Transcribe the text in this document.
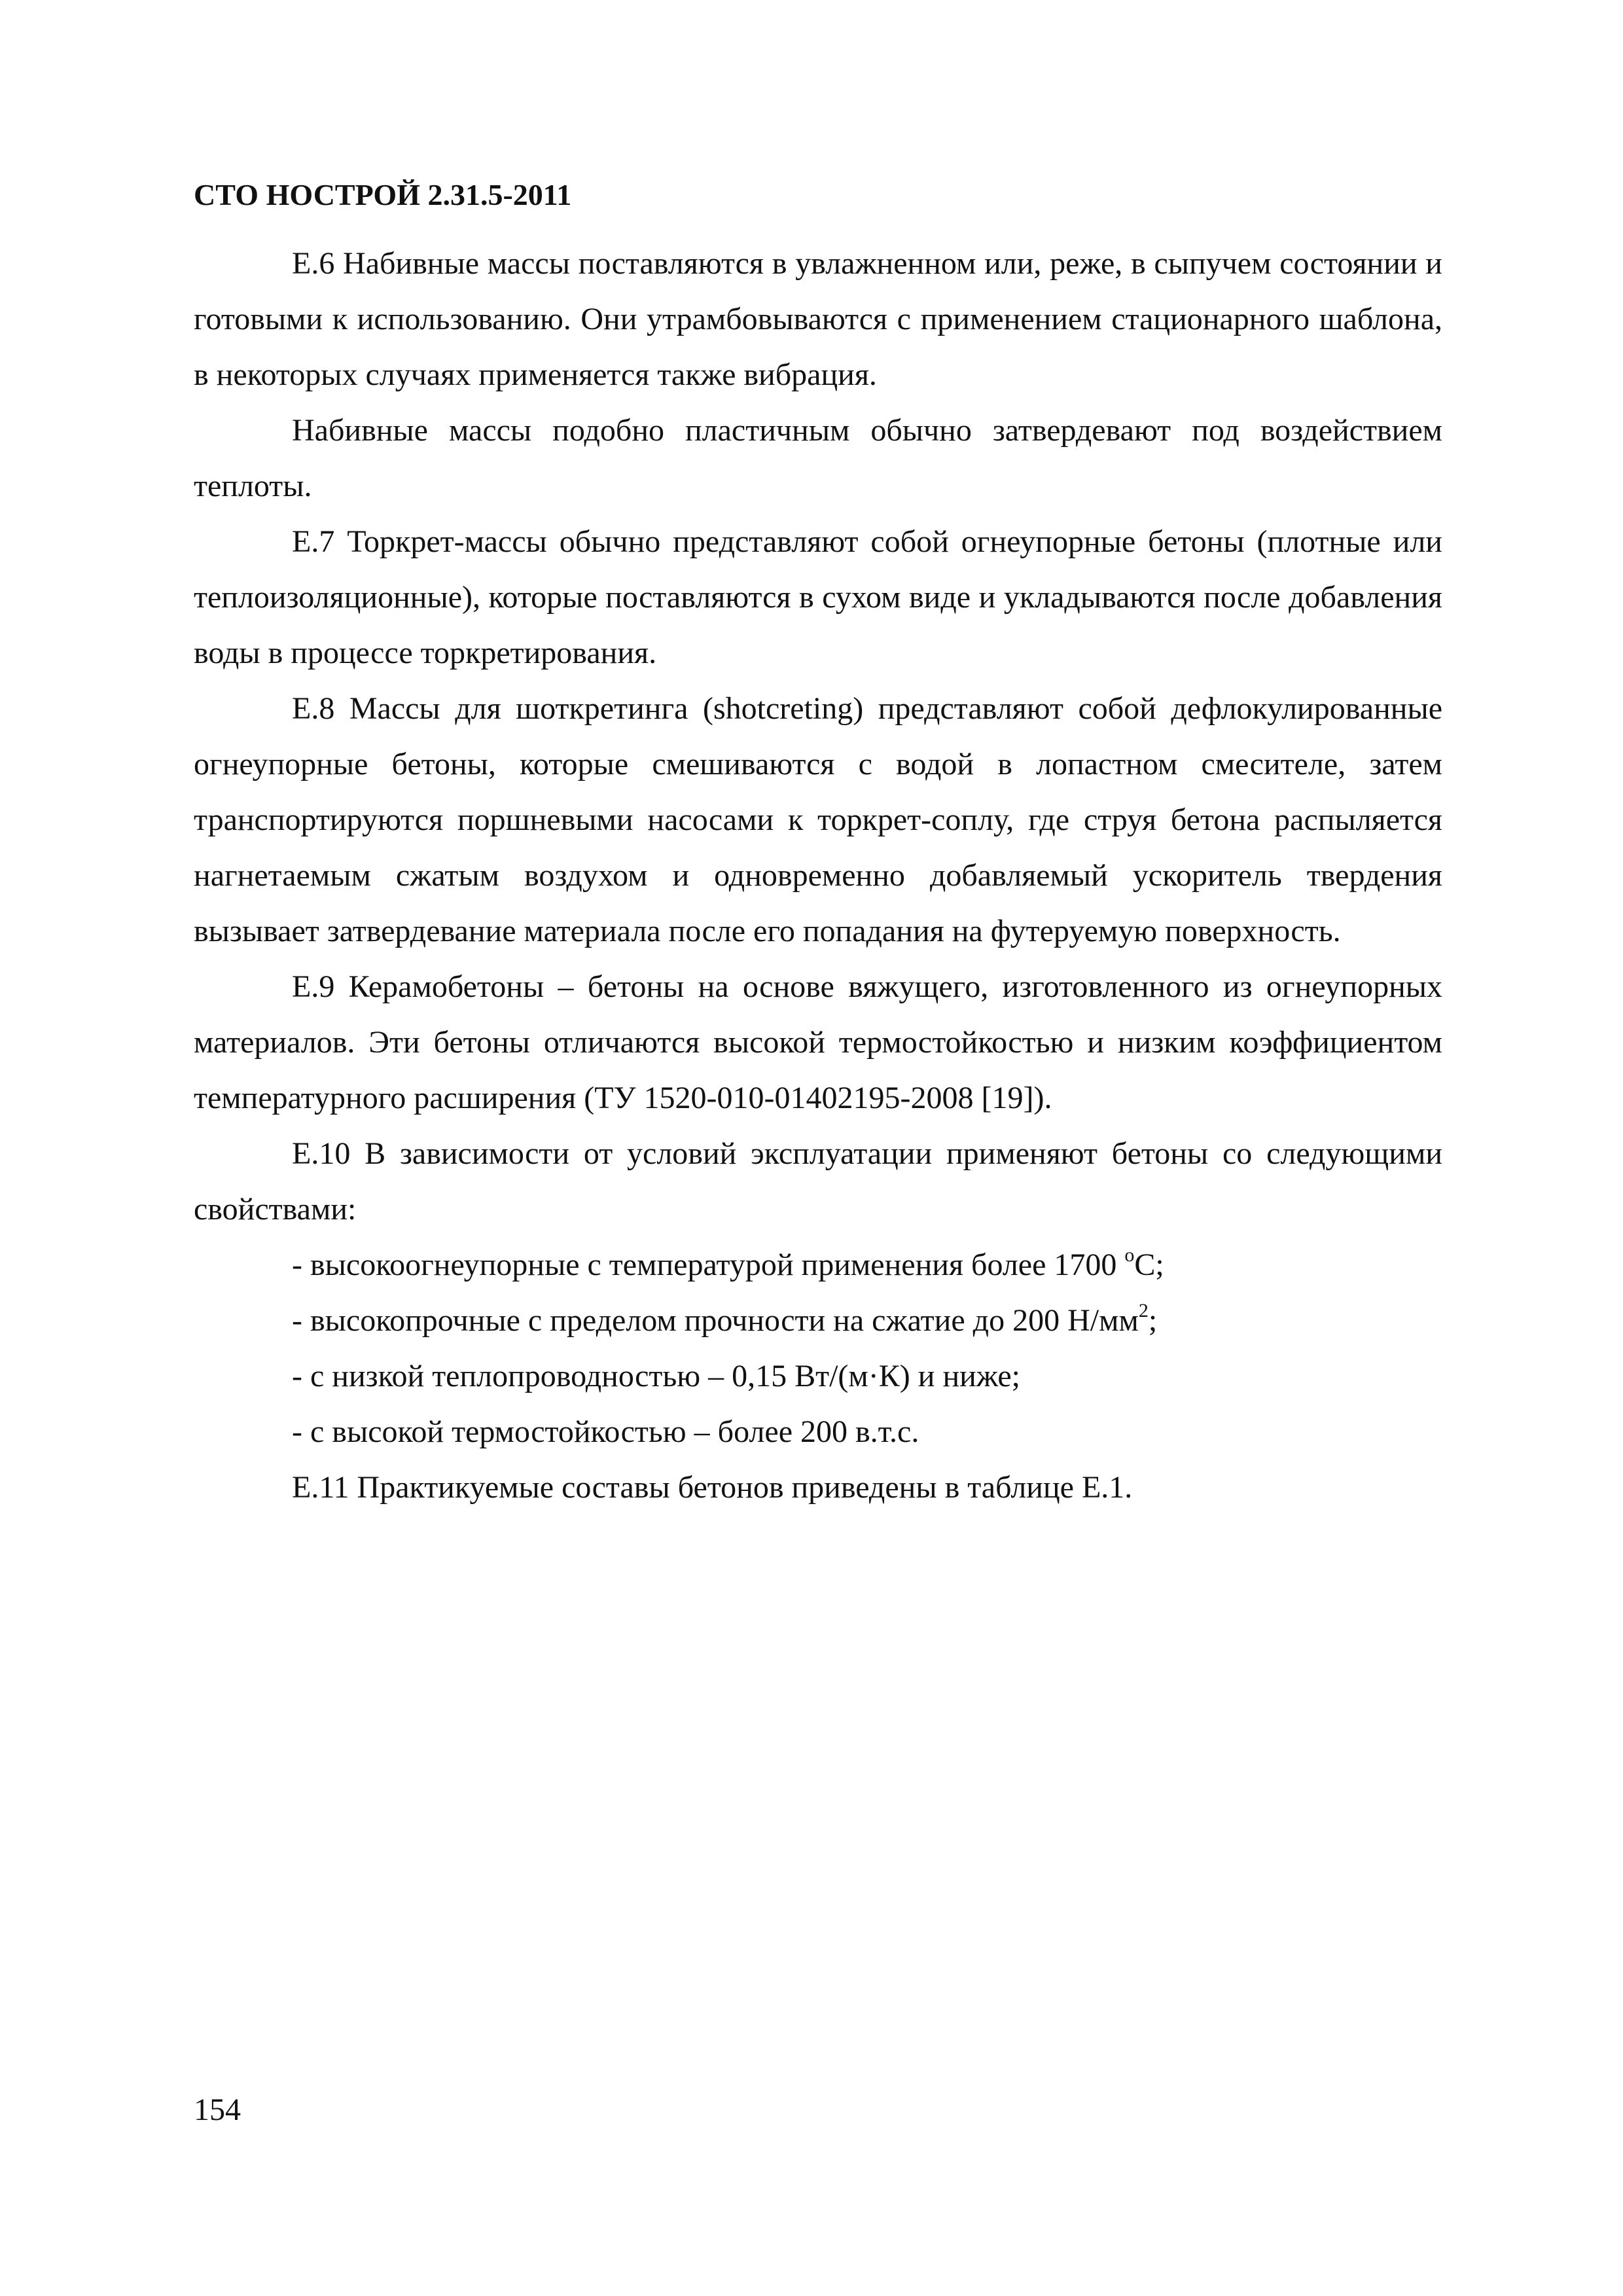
СТО НОСТРОЙ 2.31.5-2011

Е.6 Набивные массы поставляются в увлажненном или, реже, в сыпучем состоянии и готовыми к использованию. Они утрамбовываются с применением стационарного шаблона, в некоторых случаях применяется также вибрация.

Набивные массы подобно пластичным обычно затвердевают под воздействием теплоты.

Е.7 Торкрет-массы обычно представляют собой огнеупорные бетоны (плотные или теплоизоляционные), которые поставляются в сухом виде и укладываются после добавления воды в процессе торкретирования.

Е.8 Массы для шоткретинга (shotcreting) представляют собой дефлокулированные огнеупорные бетоны, которые смешиваются с водой в лопастном смесителе, затем транспортируются поршневыми насосами к торкрет-соплу, где струя бетона распыляется нагнетаемым сжатым воздухом и одновременно добавляемый ускоритель твердения вызывает затвердевание материала после его попадания на футеруемую поверхность.

Е.9 Керамобетоны – бетоны на основе вяжущего, изготовленного из огнеупорных материалов. Эти бетоны отличаются высокой термостойкостью и низким коэффициентом температурного расширения (ТУ 1520-010-01402195-2008 [19]).

Е.10 В зависимости от условий эксплуатации применяют бетоны со следующими свойствами:

- высокоогнеупорные с температурой применения более 1700 $^о$С;
- высокопрочные с пределом прочности на сжатие до 200 $Н/мм^2$;
- с низкой теплопроводностью – 0,15 Вт/(м·К) и ниже;
- с высокой термостойкостью – более 200 в.т.с.

Е.11 Практикуемые составы бетонов приведены в таблице Е.1.

154
